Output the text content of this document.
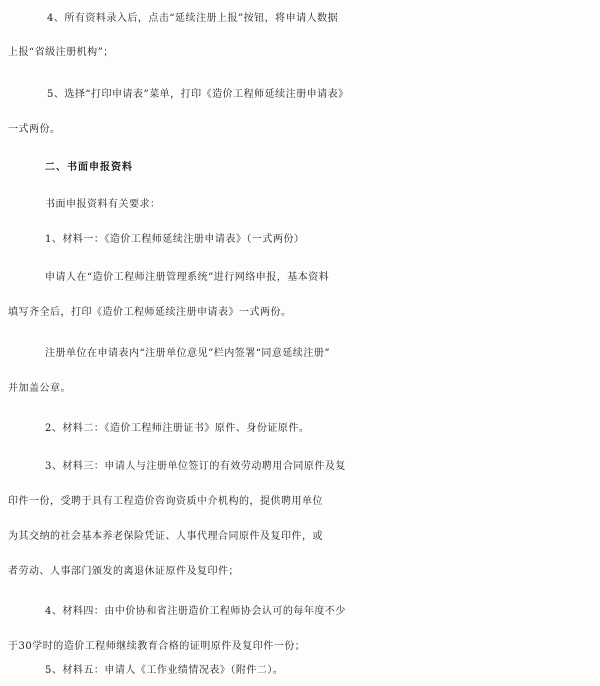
4、所有资料录入后，点击“延续注册上报”按钮，将申请人数据
上报“省级注册机构”；
5、选择“打印申请表”菜单，打印《造价工程师延续注册申请表》
一式两份。
二、书面申报资料
书面申报资料有关要求：
1、材料一：《造价工程师延续注册申请表》（一式两份）
申请人在“造价工程师注册管理系统”进行网络申报，基本资料
填写齐全后，打印《造价工程师延续注册申请表》一式两份。
注册单位在申请表内“注册单位意见”栏内签署“同意延续注册”
并加盖公章。
2、材料二：《造价工程师注册证书》原件、身份证原件。
3、材料三：申请人与注册单位签订的有效劳动聘用合同原件及复
印件一份，受聘于具有工程造价咨询资质中介机构的，提供聘用单位
为其交纳的社会基本养老保险凭证、人事代理合同原件及复印件，或
者劳动、人事部门颁发的离退休证原件及复印件；
4、材料四：由中价协和省注册造价工程师协会认可的每年度不少
于30学时的造价工程师继续教育合格的证明原件及复印件一份；
5、材料五：申请人《工作业绩情况表》（附件二）。
